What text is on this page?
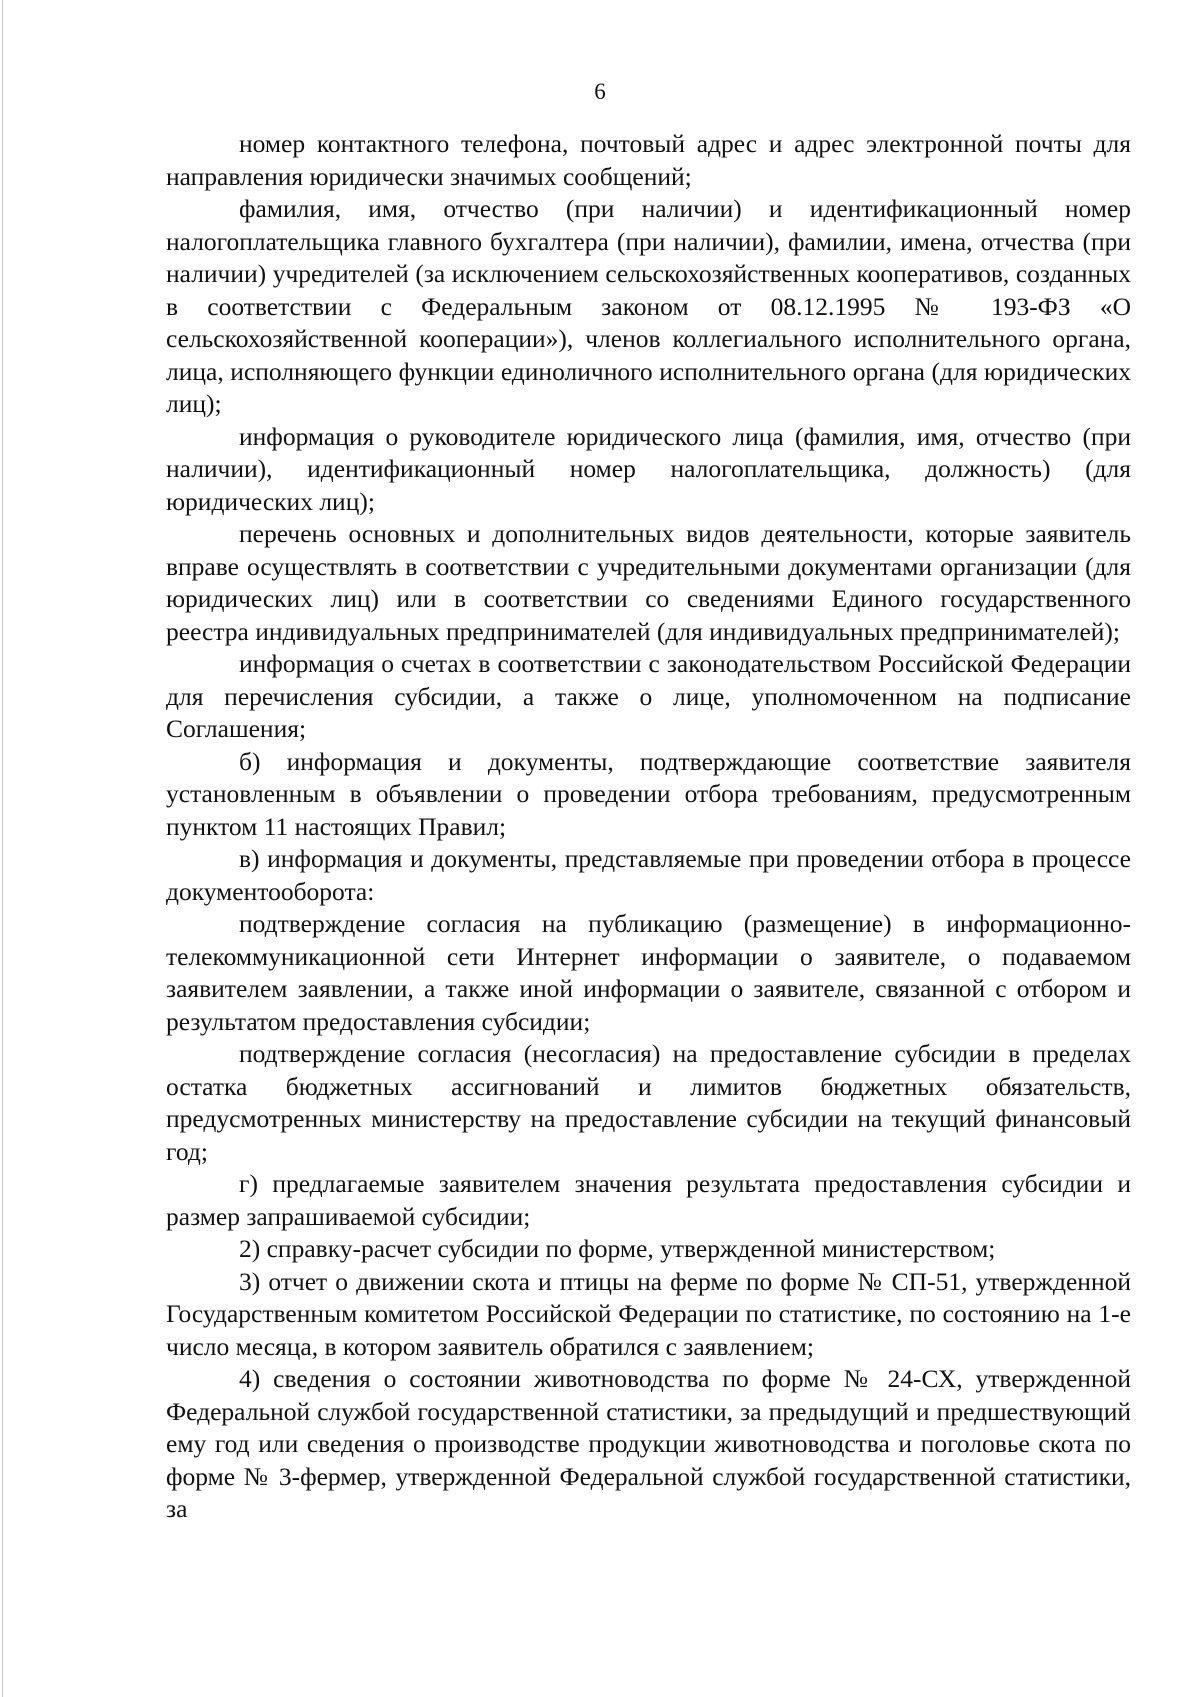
6

номер контактного телефона, почтовый адрес и адрес электронной почты для направления юридически значимых сообщений;

фамилия, имя, отчество (при наличии) и идентификационный номер налогоплательщика главного бухгалтера (при наличии), фамилии, имена, отчества (при наличии) учредителей (за исключением сельскохозяйственных кооперативов, созданных в соответствии с Федеральным законом от 08.12.1995 № 193-ФЗ «О сельскохозяйственной кооперации»), членов коллегиального исполнительного органа, лица, исполняющего функции единоличного исполнительного органа (для юридических лиц);

информация о руководителе юридического лица (фамилия, имя, отчество (при наличии), идентификационный номер налогоплательщика, должность) (для юридических лиц);

перечень основных и дополнительных видов деятельности, которые заявитель вправе осуществлять в соответствии с учредительными документами организации (для юридических лиц) или в соответствии со сведениями Единого государственного реестра индивидуальных предпринимателей (для индивидуальных предпринимателей);

информация о счетах в соответствии с законодательством Российской Федерации для перечисления субсидии, а также о лице, уполномоченном на подписание Соглашения;

б) информация и документы, подтверждающие соответствие заявителя установленным в объявлении о проведении отбора требованиям, предусмотренным пунктом 11 настоящих Правил;

в) информация и документы, представляемые при проведении отбора в процессе документооборота:

подтверждение согласия на публикацию (размещение) в информационно-телекоммуникационной сети Интернет информации о заявителе, о подаваемом заявителем заявлении, а также иной информации о заявителе, связанной с отбором и результатом предоставления субсидии;

подтверждение согласия (несогласия) на предоставление субсидии в пределах остатка бюджетных ассигнований и лимитов бюджетных обязательств, предусмотренных министерству на предоставление субсидии на текущий финансовый год;

г) предлагаемые заявителем значения результата предоставления субсидии и размер запрашиваемой субсидии;

2) справку-расчет субсидии по форме, утвержденной министерством;

3) отчет о движении скота и птицы на ферме по форме № СП-51, утвержденной Государственным комитетом Российской Федерации по статистике, по состоянию на 1-е число месяца, в котором заявитель обратился с заявлением;

4) сведения о состоянии животноводства по форме № 24-СХ, утвержденной Федеральной службой государственной статистики, за предыдущий и предшествующий ему год или сведения о производстве продукции животноводства и поголовье скота по форме № 3-фермер, утвержденной Федеральной службой государственной статистики, за
